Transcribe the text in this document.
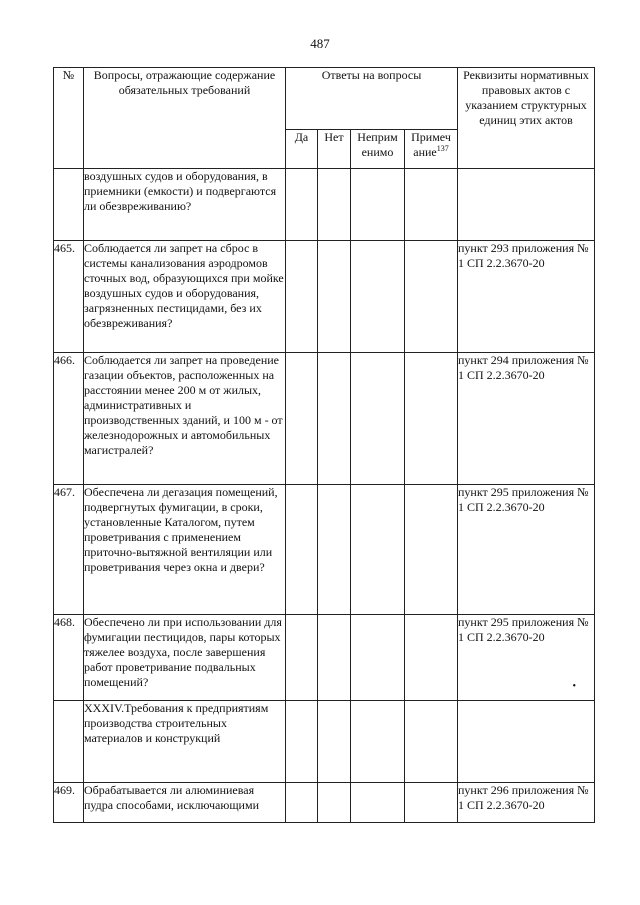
487
№	Вопросы, отражающие содержание обязательных требований	Ответы на вопросы				Реквизиты нормативных правовых актов с указанием структурных единиц этих актов
		Да	Нет	Неприм енимо	Примеч ание$^{137}$
	воздушных судов и оборудования, в приемники (емкости) и подвергаются ли обезвреживанию?					
465.	Соблюдается ли запрет на сброс в системы канализования аэродромов сточных вод, образующихся при мойке воздушных судов и оборудования, загрязненных пестицидами, без их обезвреживания?					пункт 293 приложения № 1 СП 2.2.3670-20
466.	Соблюдается ли запрет на проведение газации объектов, расположенных на расстоянии менее 200 м от жилых, административных и производственных зданий, и 100 м - от железнодорожных и автомобильных магистралей?					пункт 294 приложения № 1 СП 2.2.3670-20
467.	Обеспечена ли дегазация помещений, подвергнутых фумигации, в сроки, установленные Каталогом, путем проветривания с применением приточно-вытяжной вентиляции или проветривания через окна и двери?					пункт 295 приложения № 1 СП 2.2.3670-20
468.	Обеспечено ли при использовании для фумигации пестицидов, пары которых тяжелее воздуха, после завершения работ проветривание подвальных помещений?					пункт 295 приложения № 1 СП 2.2.3670-20
•

	XXXIV.Требования к предприятиям производства строительных материалов и конструкций					
469.	Обрабатывается ли алюминиевая пудра способами, исключающими					пункт 296 приложения № 1 СП 2.2.3670-20
